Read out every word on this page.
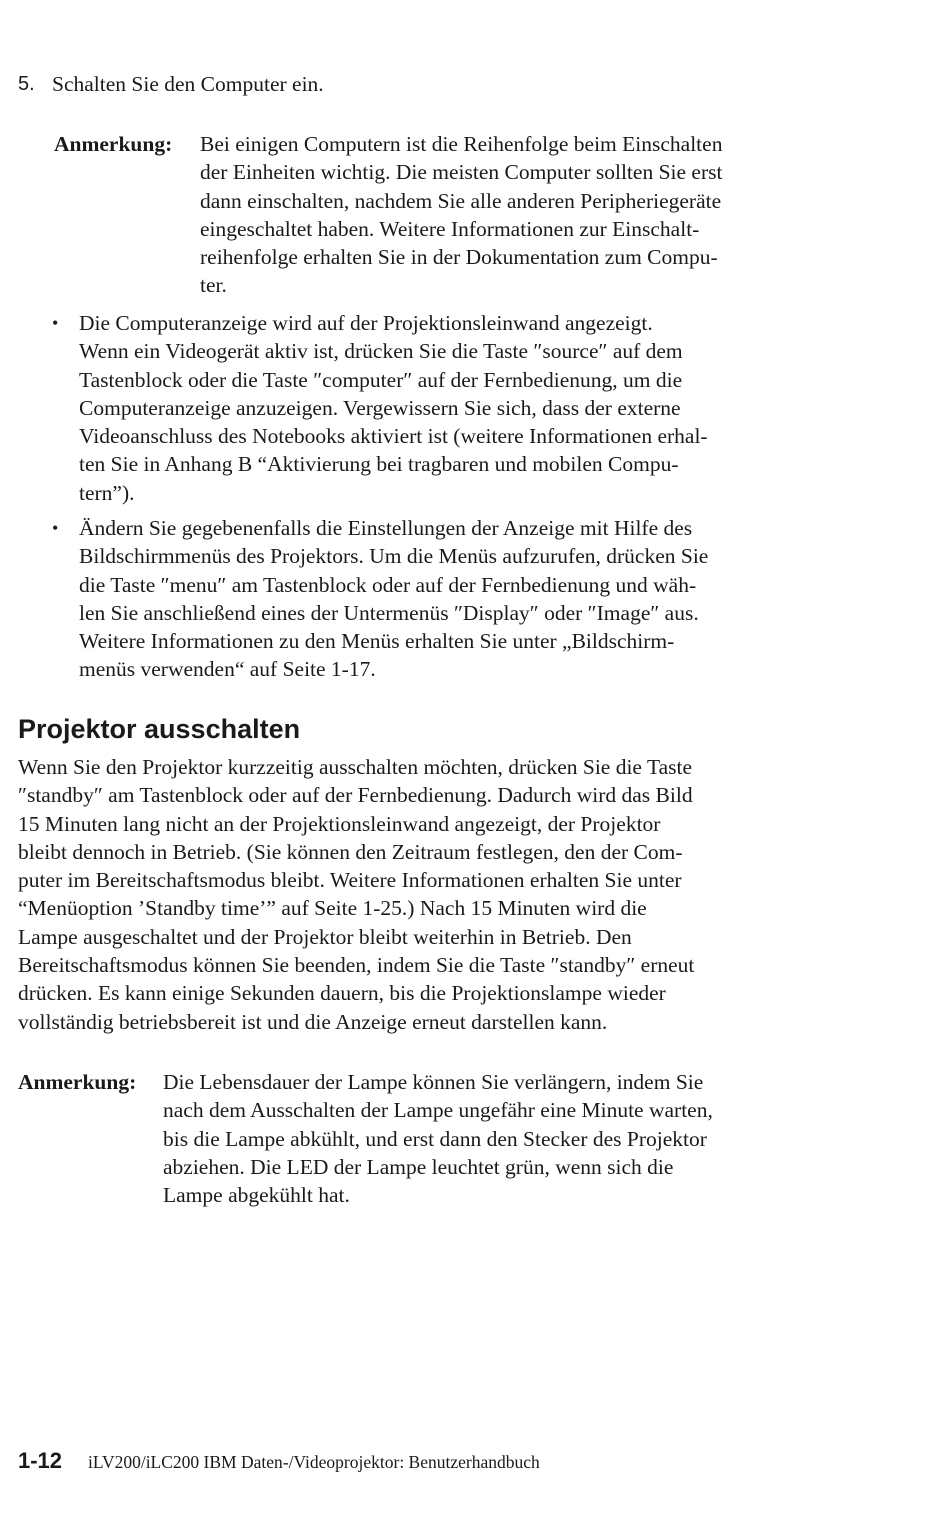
5. Schalten Sie den Computer ein.
Anmerkung: Bei einigen Computern ist die Reihenfolge beim Einschalten
der Einheiten wichtig. Die meisten Computer sollten Sie erst
dann einschalten, nachdem Sie alle anderen Peripheriegeräte
eingeschaltet haben. Weitere Informationen zur Einschalt-
reihenfolge erhalten Sie in der Dokumentation zum Compu-
ter.
• Die Computeranzeige wird auf der Projektionsleinwand angezeigt.
Wenn ein Videogerät aktiv ist, drücken Sie die Taste ″source″ auf dem
Tastenblock oder die Taste ″computer″ auf der Fernbedienung, um die
Computeranzeige anzuzeigen. Vergewissern Sie sich, dass der externe
Videoanschluss des Notebooks aktiviert ist (weitere Informationen erhal-
ten Sie in Anhang B “Aktivierung bei tragbaren und mobilen Compu-
tern”).
• Ändern Sie gegebenenfalls die Einstellungen der Anzeige mit Hilfe des
Bildschirmmenüs des Projektors. Um die Menüs aufzurufen, drücken Sie
die Taste ″menu″ am Tastenblock oder auf der Fernbedienung und wäh-
len Sie anschließend eines der Untermenüs ″Display″ oder ″Image″ aus.
Weitere Informationen zu den Menüs erhalten Sie unter „Bildschirm-
menüs verwenden“ auf Seite 1-17.
Projektor ausschalten
Wenn Sie den Projektor kurzzeitig ausschalten möchten, drücken Sie die Taste
″standby″ am Tastenblock oder auf der Fernbedienung. Dadurch wird das Bild
15 Minuten lang nicht an der Projektionsleinwand angezeigt, der Projektor
bleibt dennoch in Betrieb. (Sie können den Zeitraum festlegen, den der Com-
puter im Bereitschaftsmodus bleibt. Weitere Informationen erhalten Sie unter
“Menüoption ’Standby time’” auf Seite 1-25.) Nach 15 Minuten wird die
Lampe ausgeschaltet und der Projektor bleibt weiterhin in Betrieb. Den
Bereitschaftsmodus können Sie beenden, indem Sie die Taste ″standby″ erneut
drücken. Es kann einige Sekunden dauern, bis die Projektionslampe wieder
vollständig betriebsbereit ist und die Anzeige erneut darstellen kann.
Anmerkung: Die Lebensdauer der Lampe können Sie verlängern, indem Sie
nach dem Ausschalten der Lampe ungefähr eine Minute warten,
bis die Lampe abkühlt, und erst dann den Stecker des Projektor
abziehen. Die LED der Lampe leuchtet grün, wenn sich die
Lampe abgekühlt hat.
1-12 iLV200/iLC200 IBM Daten-/Videoprojektor: Benutzerhandbuch
